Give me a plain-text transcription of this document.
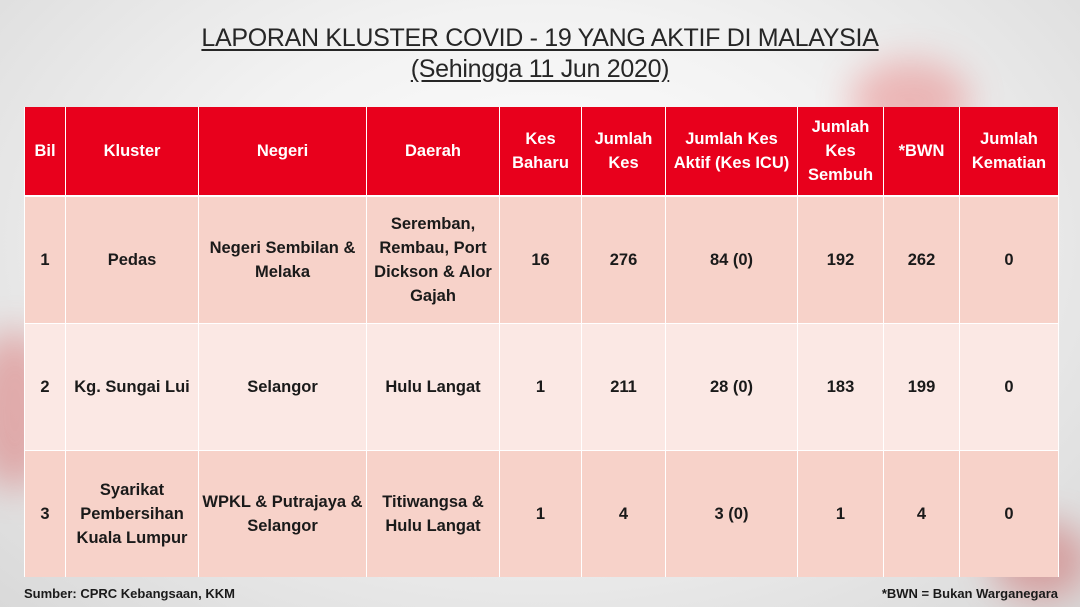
LAPORAN KLUSTER COVID - 19 YANG AKTIF DI MALAYSIA
(Sehingga 11 Jun 2020)
Bil	Kluster	Negeri	Daerah	Kes Baharu	Jumlah Kes	Jumlah Kes Aktif (Kes ICU)	Jumlah Kes Sembuh	*BWN	Jumlah Kematian
1	Pedas	Negeri Sembilan & Melaka	Seremban, Rembau, Port Dickson & Alor Gajah	16	276	84 (0)	192	262	0
2	Kg. Sungai Lui	Selangor	Hulu Langat	1	211	28 (0)	183	199	0
3	Syarikat Pembersihan Kuala Lumpur	WPKL & Putrajaya & Selangor	Titiwangsa & Hulu Langat	1	4	3 (0)	1	4	0
Sumber: CPRC Kebangsaan, KKM	*BWN = Bukan Warganegara
